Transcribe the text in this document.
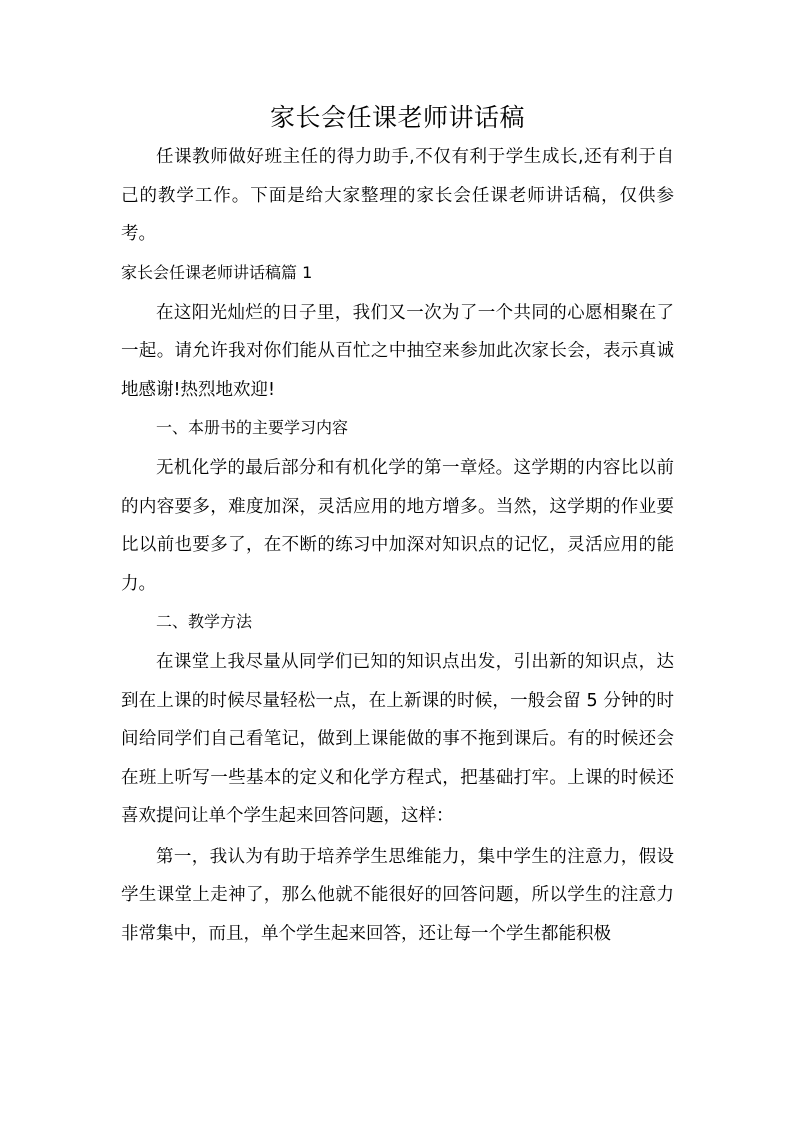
家长会任课老师讲话稿

任课教师做好班主任的得力助手,不仅有利于学生成长,还有利于自己的教学工作。下面是给大家整理的家长会任课老师讲话稿，仅供参考。

家长会任课老师讲话稿篇 1

在这阳光灿烂的日子里，我们又一次为了一个共同的心愿相聚在了一起。请允许我对你们能从百忙之中抽空来参加此次家长会，表示真诚地感谢!热烈地欢迎!

一、本册书的主要学习内容

无机化学的最后部分和有机化学的第一章烃。这学期的内容比以前的内容要多，难度加深，灵活应用的地方增多。当然，这学期的作业要比以前也要多了，在不断的练习中加深对知识点的记忆，灵活应用的能力。

二、教学方法

在课堂上我尽量从同学们已知的知识点出发，引出新的知识点，达到在上课的时候尽量轻松一点，在上新课的时候，一般会留 5 分钟的时间给同学们自己看笔记，做到上课能做的事不拖到课后。有的时候还会在班上听写一些基本的定义和化学方程式，把基础打牢。上课的时候还喜欢提问让单个学生起来回答问题，这样：

第一，我认为有助于培养学生思维能力，集中学生的注意力，假设学生课堂上走神了，那么他就不能很好的回答问题，所以学生的注意力非常集中，而且，单个学生起来回答，还让每一个学生都能积极
